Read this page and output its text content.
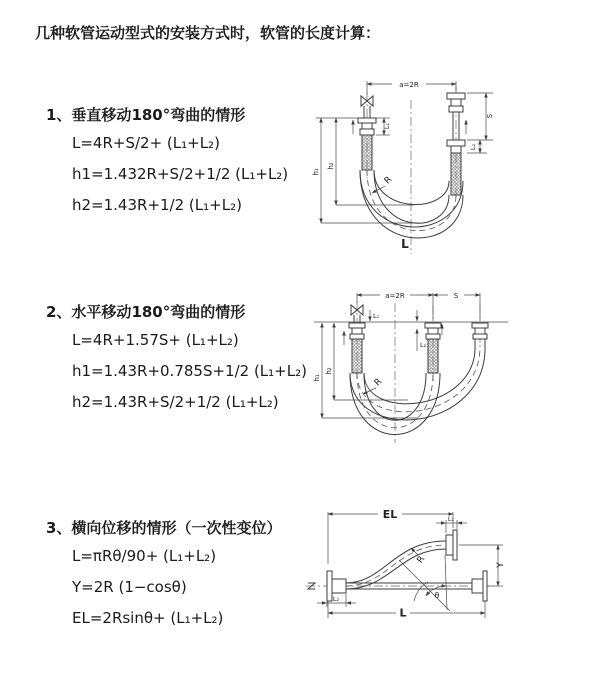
几种软管运动型式的安装方式时，软管的长度计算：
1、垂直移动180°弯曲的情形
L=4R+S/2+ (L₁+L₂)
h1=1.432R+S/2+1/2 (L₁+L₂)
h2=1.43R+1/2 (L₁+L₂)
2、水平移动180°弯曲的情形
L=4R+1.57S+ (L₁+L₂)
h1=1.43R+0.785S+1/2 (L₁+L₂)
h2=1.43R+S/2+1/2 (L₁+L₂)
3、横向位移的情形（一次性变位）
L=πRθ/90+ (L₁+L₂)
Y=2R (1−cosθ)
EL=2Rsinθ+ (L₁+L₂)
a=2R
S
L₂
h₁
h₂
L₁
R
L
a=2R	S
h₁
h₂
L₁
L₂
R
EL	L₁
Y
L
L₂
R
θ
